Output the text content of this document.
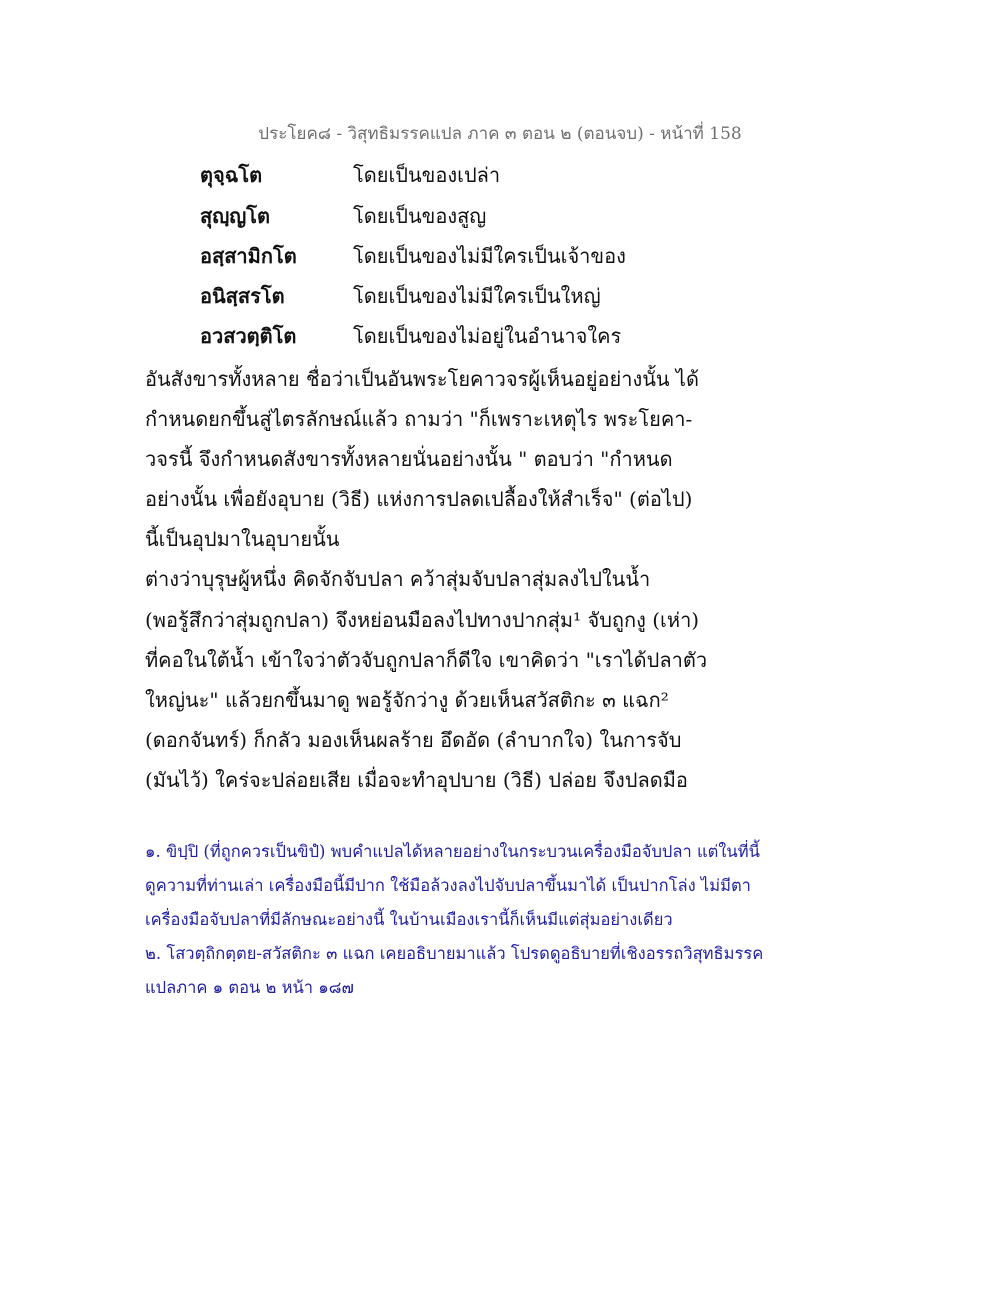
ประโยค๘ - วิสุทธิมรรคแปล ภาค ๓ ตอน ๒ (ตอนจบ) - หน้าที่ 158
ตุจฺฉโต	โดยเป็นของเปล่า
สุญฺญโต	โดยเป็นของสูญ
อสฺสามิกโต	โดยเป็นของไม่มีใครเป็นเจ้าของ
อนิสฺสรโต	โดยเป็นของไม่มีใครเป็นใหญ่
อวสวตฺติโต	โดยเป็นของไม่อยู่ในอำนาจใคร
อันสังขารทั้งหลาย ชื่อว่าเป็นอันพระโยคาวจรผู้เห็นอยู่อย่างนั้น ได้
กำหนดยกขึ้นสู่ไตรลักษณ์แล้ว ถามว่า "ก็เพราะเหตุไร พระโยคา-
วจรนี้ จึงกำหนดสังขารทั้งหลายนั่นอย่างนั้น " ตอบว่า "กำหนด
อย่างนั้น เพื่อยังอุบาย (วิธี) แห่งการปลดเปลื้องให้สำเร็จ" (ต่อไป)
นี้เป็นอุปมาในอุบายนั้น
ต่างว่าบุรุษผู้หนึ่ง คิดจักจับปลา คว้าสุ่มจับปลาสุ่มลงไปในน้ำ
(พอรู้สึกว่าสุ่มถูกปลา) จึงหย่อนมือลงไปทางปากสุ่ม¹ จับถูกงู (เห่า)
ที่คอในใต้น้ำ เข้าใจว่าตัวจับถูกปลาก็ดีใจ เขาคิดว่า "เราได้ปลาตัว
ใหญ่นะ" แล้วยกขึ้นมาดู พอรู้จักว่างู ด้วยเห็นสวัสติกะ ๓ แฉก²
(ดอกจันทร์) ก็กลัว มองเห็นผลร้าย อึดอัด (ลำบากใจ) ในการจับ
(มันไว้) ใคร่จะปล่อยเสีย เมื่อจะทำอุปบาย (วิธี) ปล่อย จึงปลดมือ
๑. ขิปฺปิ (ที่ถูกควรเป็นขิปํ) พบคำแปลได้หลายอย่างในกระบวนเครื่องมือจับปลา แต่ในที่นี้
ดูความที่ท่านเล่า เครื่องมือนี้มีปาก ใช้มือล้วงลงไปจับปลาขึ้นมาได้ เป็นปากโล่ง ไม่มีตา
เครื่องมือจับปลาที่มีลักษณะอย่างนี้ ในบ้านเมืองเรานี้ก็เห็นมีแต่สุ่มอย่างเดียว
๒. โสวตฺถิกตฺตย-สวัสติกะ ๓ แฉก เคยอธิบายมาแล้ว โปรดดูอธิบายที่เชิงอรรถวิสุทธิมรรค
แปลภาค ๑ ตอน ๒ หน้า ๑๘๗
